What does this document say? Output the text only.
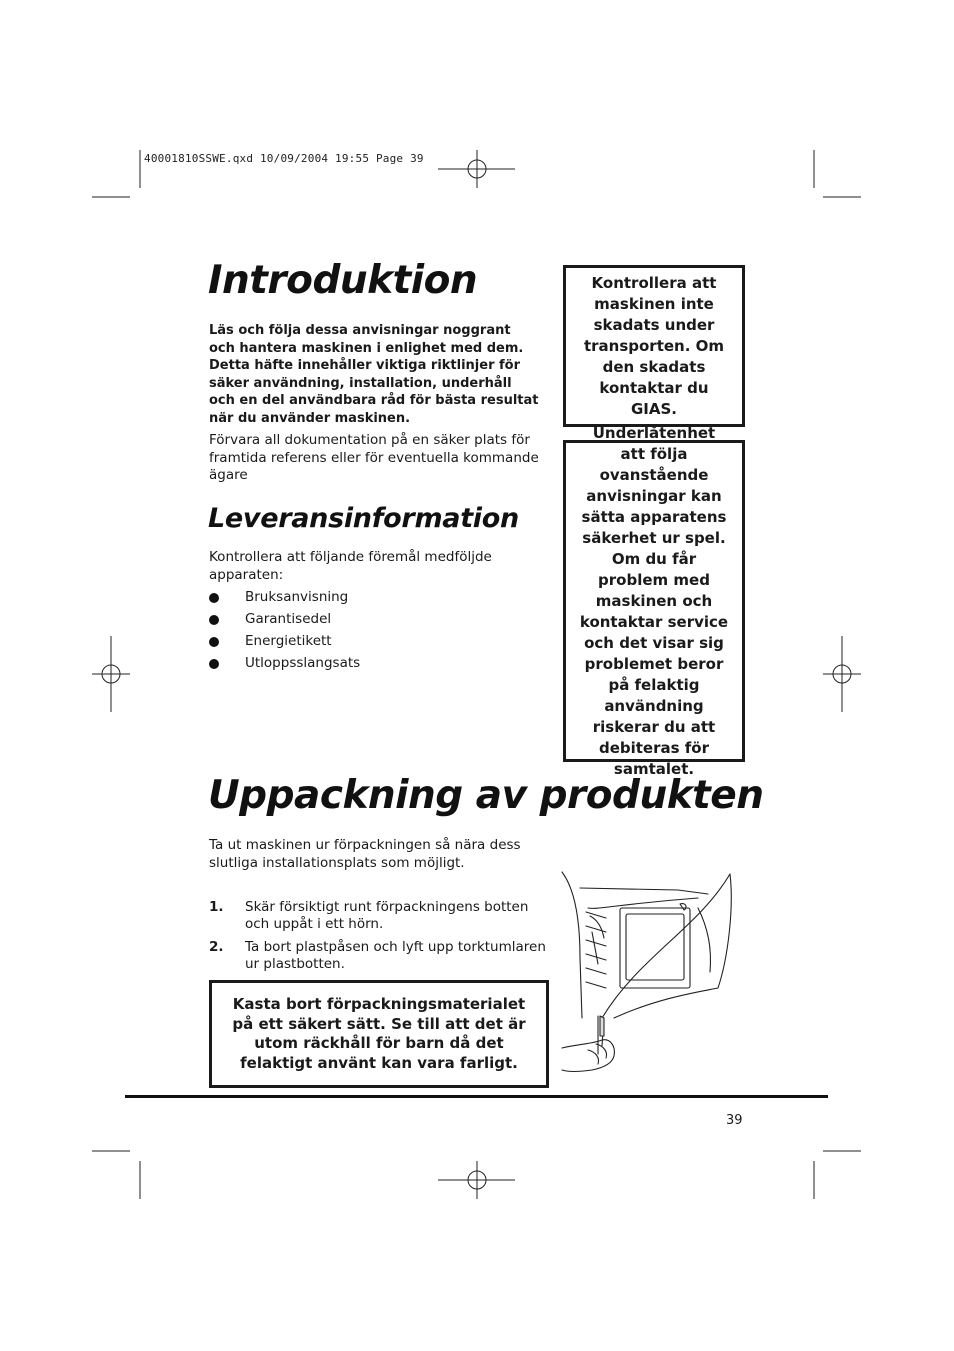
40001810SSWE.qxd 10/09/2004 19:55 Page 39
Introduktion

Läs och följa dessa anvisningar noggrant och hantera maskinen i enlighet med dem. Detta häfte innehåller viktiga riktlinjer för säker användning, installation, underhåll och en del användbara råd för bästa resultat när du använder maskinen.

Förvara all dokumentation på en säker plats för framtida referens eller för eventuella kommande ägare

Leveransinformation

Kontrollera att följande föremål medföljde apparaten:

Bruksanvisning
Garantisedel
Energietikett
Utloppsslangsats
Kontrollera att maskinen inte skadats under transporten. Om den skadats kontaktar du GIAS.
Underlåtenhet att följa ovanstående anvisningar kan sätta apparatens säkerhet ur spel. Om du får problem med maskinen och kontaktar service och det visar sig problemet beror på felaktig användning riskerar du att debiteras för samtalet.
Uppackning av produkten

Ta ut maskinen ur förpackningen så nära dess slutliga installationsplats som möjligt.

1. Skär försiktigt runt förpackningens botten och uppåt i ett hörn.
2. Ta bort plastpåsen och lyft upp torktumlaren ur plastbotten.
Kasta bort förpackningsmaterialet på ett säkert sätt. Se till att det är utom räckhåll för barn då det felaktigt använt kan vara farligt.
39
